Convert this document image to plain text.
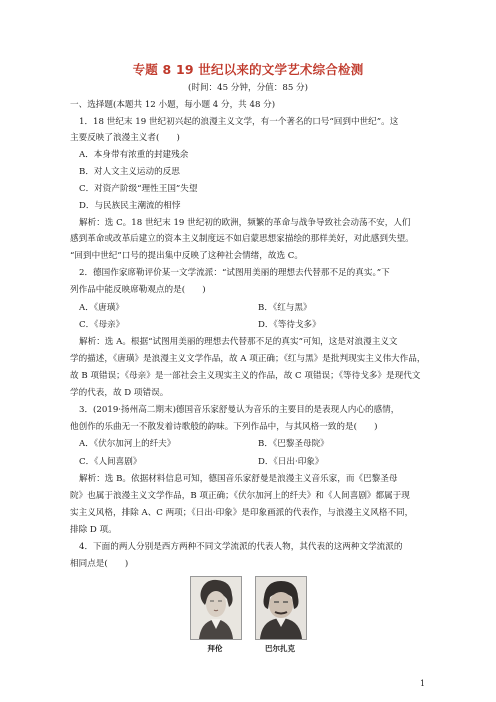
专题 8 19 世纪以来的文学艺术综合检测
(时间：45 分钟，分值：85 分)
一、选择题(本题共 12 小题，每小题 4 分，共 48 分)
1．18 世纪末 19 世纪初兴起的浪漫主义文学，有一个著名的口号“回到中世纪”。这
主要反映了浪漫主义者(　　)
A．本身带有浓重的封建残余
B．对人文主义运动的反思
C．对资产阶级“理性王国”失望
D．与民族民主潮流的相悖
解析：选 C。18 世纪末 19 世纪初的欧洲，频繁的革命与战争导致社会动荡不安，人们
感到革命或改革后建立的资本主义制度远不如启蒙思想家描绘的那样美好，对此感到失望。
“回到中世纪”口号的提出集中反映了这种社会情绪，故选 C。
2．德国作家席勒评价某一文学流派：“试图用美丽的理想去代替那不足的真实。”下
列作品中能反映席勒观点的是(　　)
A．《唐璜》	B．《红与黑》
C．《母亲》	D．《等待戈多》
解析：选 A。根据“试图用美丽的理想去代替那不足的真实”可知，这是对浪漫主义文
学的描述，《唐璜》是浪漫主义文学作品，故 A 项正确；《红与黑》是批判现实主义伟大作品，
故 B 项错误；《母亲》是一部社会主义现实主义的作品，故 C 项错误；《等待戈多》是现代文
学的代表，故 D 项错误。
3．(2019·扬州高二期末)德国音乐家舒曼认为音乐的主要目的是表现人内心的感情，
他创作的乐曲无一不散发着诗歌般的韵味。下列作品中，与其风格一致的是(　　)
A．《伏尔加河上的纤夫》	B．《巴黎圣母院》
C．《人间喜剧》	D．《日出·印象》
解析：选 B。依据材料信息可知，德国音乐家舒曼是浪漫主义音乐家，而《巴黎圣母
院》也属于浪漫主义文学作品，B 项正确；《伏尔加河上的纤夫》和《人间喜剧》都属于现
实主义风格，排除 A、C 两项；《日出·印象》是印象画派的代表作，与浪漫主义风格不同，
排除 D 项。
4．下面的两人分别是西方两种不同文学流派的代表人物，其代表的这两种文学流派的
相同点是(　　)
拜伦	巴尔扎克
1
